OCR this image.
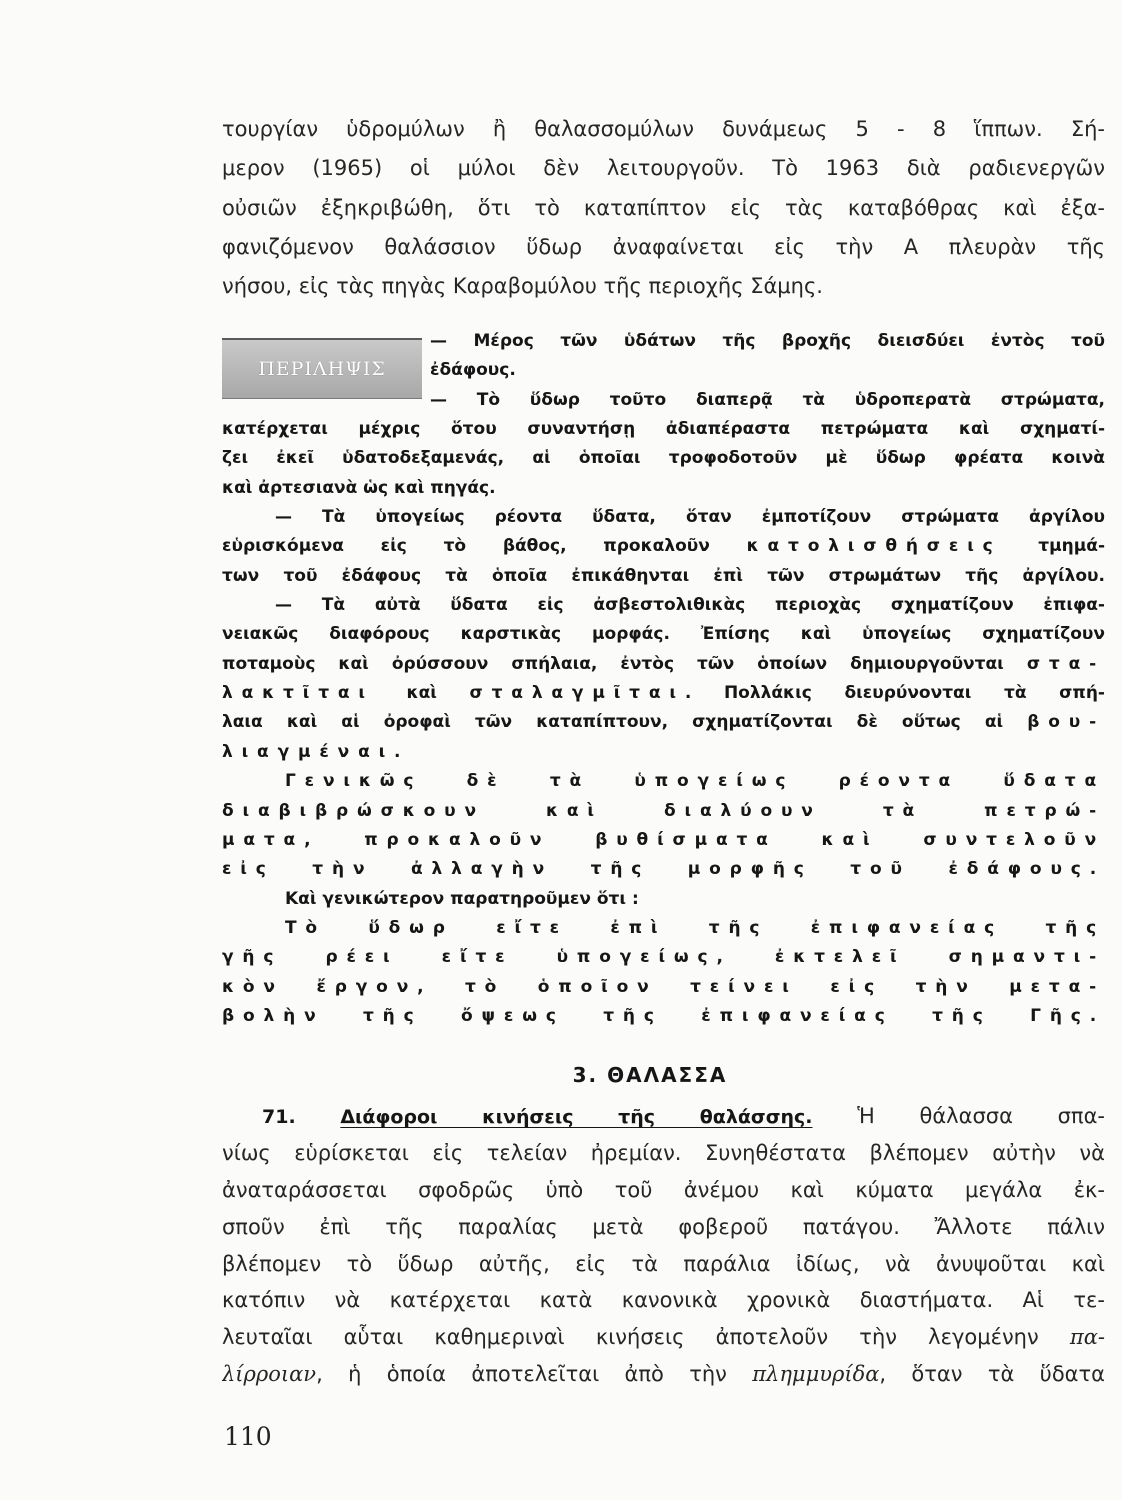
τουργίαν ὑδρομύλων ἢ θαλασσομύλων δυνάμεως 5 - 8 ἵππων. Σή-
μερον (1965) οἱ μύλοι δὲν λειτουργοῦν. Τὸ 1963 διὰ ραδιενεργῶν
οὐσιῶν ἐξηκριβώθη, ὅτι τὸ καταπίπτον εἰς τὰς καταβόθρας καὶ ἐξα-
φανιζόμενον θαλάσσιον ὕδωρ ἀναφαίνεται εἰς τὴν Α πλευρὰν τῆς
νήσου, εἰς τὰς πηγὰς Καραβομύλου τῆς περιοχῆς Σάμης.
ΠΕΡΙΛΗΨΙΣ
— Μέρος τῶν ὑδάτων τῆς βροχῆς διεισδύει ἐντὸς τοῦ
ἐδάφους.
— Τὸ ὕδωρ τοῦτο διαπερᾷ τὰ ὑδροπερατὰ στρώματα,
κατέρχεται μέχρις ὅτου συναντήσῃ ἀδιαπέραστα πετρώματα καὶ σχηματί-
ζει ἐκεῖ ὑδατοδεξαμενάς, αἱ ὁποῖαι τροφοδοτοῦν μὲ ὕδωρ φρέατα κοινὰ
καὶ ἀρτεσιανὰ ὡς καὶ πηγάς.
— Τὰ ὑπογείως ρέοντα ὕδατα, ὅταν ἐμποτίζουν στρώματα ἀργίλου
εὑρισκόμενα εἰς τὸ βάθος, προκαλοῦν κατολισθήσεις τμημά-
των τοῦ ἐδάφους τὰ ὁποῖα ἐπικάθηνται ἐπὶ τῶν στρωμάτων τῆς ἀργίλου.
— Τὰ αὐτὰ ὕδατα εἰς ἀσβεστολιθικὰς περιοχὰς σχηματίζουν ἐπιφα-
νειακῶς διαφόρους καρστικὰς μορφάς. Ἐπίσης καὶ ὑπογείως σχηματίζουν
ποταμοὺς καὶ ὀρύσσουν σπήλαια, ἐντὸς τῶν ὁποίων δημιουργοῦνται στα-
λακτῖται καὶ σταλαγμῖται. Πολλάκις διευρύνονται τὰ σπή-
λαια καὶ αἱ ὀροφαὶ τῶν καταπίπτουν, σχηματίζονται δὲ οὕτως αἱ βου-
λιαγμέναι.
Γενικῶς δὲ τὰ ὑπογείως ρέοντα ὕδατα
διαβιβρώσκουν καὶ διαλύουν τὰ πετρώ-
ματα, προκαλοῦν βυθίσματα καὶ συντελοῦν
εἰς τὴν ἀλλαγὴν τῆς μορφῆς τοῦ ἐδάφους.
Καὶ γενικώτερον παρατηροῦμεν ὅτι :
Τὸ ὕδωρ εἴτε ἐπὶ τῆς ἐπιφανείας τῆς
γῆς ρέει εἴτε ὑπογείως, ἐκτελεῖ σημαντι-
κὸν ἔργον, τὸ ὁποῖον τείνει εἰς τὴν μετα-
βολὴν τῆς ὄψεως τῆς ἐπιφανείας τῆς Γῆς.
3. ΘΑΛΑΣΣΑ
71. Διάφοροι κινήσεις τῆς θαλάσσης. Ἡ θάλασσα σπα-
νίως εὑρίσκεται εἰς τελείαν ἠρεμίαν. Συνηθέστατα βλέπομεν αὐτὴν νὰ
ἀναταράσσεται σφοδρῶς ὑπὸ τοῦ ἀνέμου καὶ κύματα μεγάλα ἐκ-
σποῦν ἐπὶ τῆς παραλίας μετὰ φοβεροῦ πατάγου. Ἄλλοτε πάλιν
βλέπομεν τὸ ὕδωρ αὐτῆς, εἰς τὰ παράλια ἰδίως, νὰ ἀνυψοῦται καὶ
κατόπιν νὰ κατέρχεται κατὰ κανονικὰ χρονικὰ διαστήματα. Αἱ τε-
λευταῖαι αὗται καθημεριναὶ κινήσεις ἀποτελοῦν τὴν λεγομένην πα-
λίρροιαν, ἡ ὁποία ἀποτελεῖται ἀπὸ τὴν πλημμυρίδα, ὅταν τὰ ὕδατα
110
